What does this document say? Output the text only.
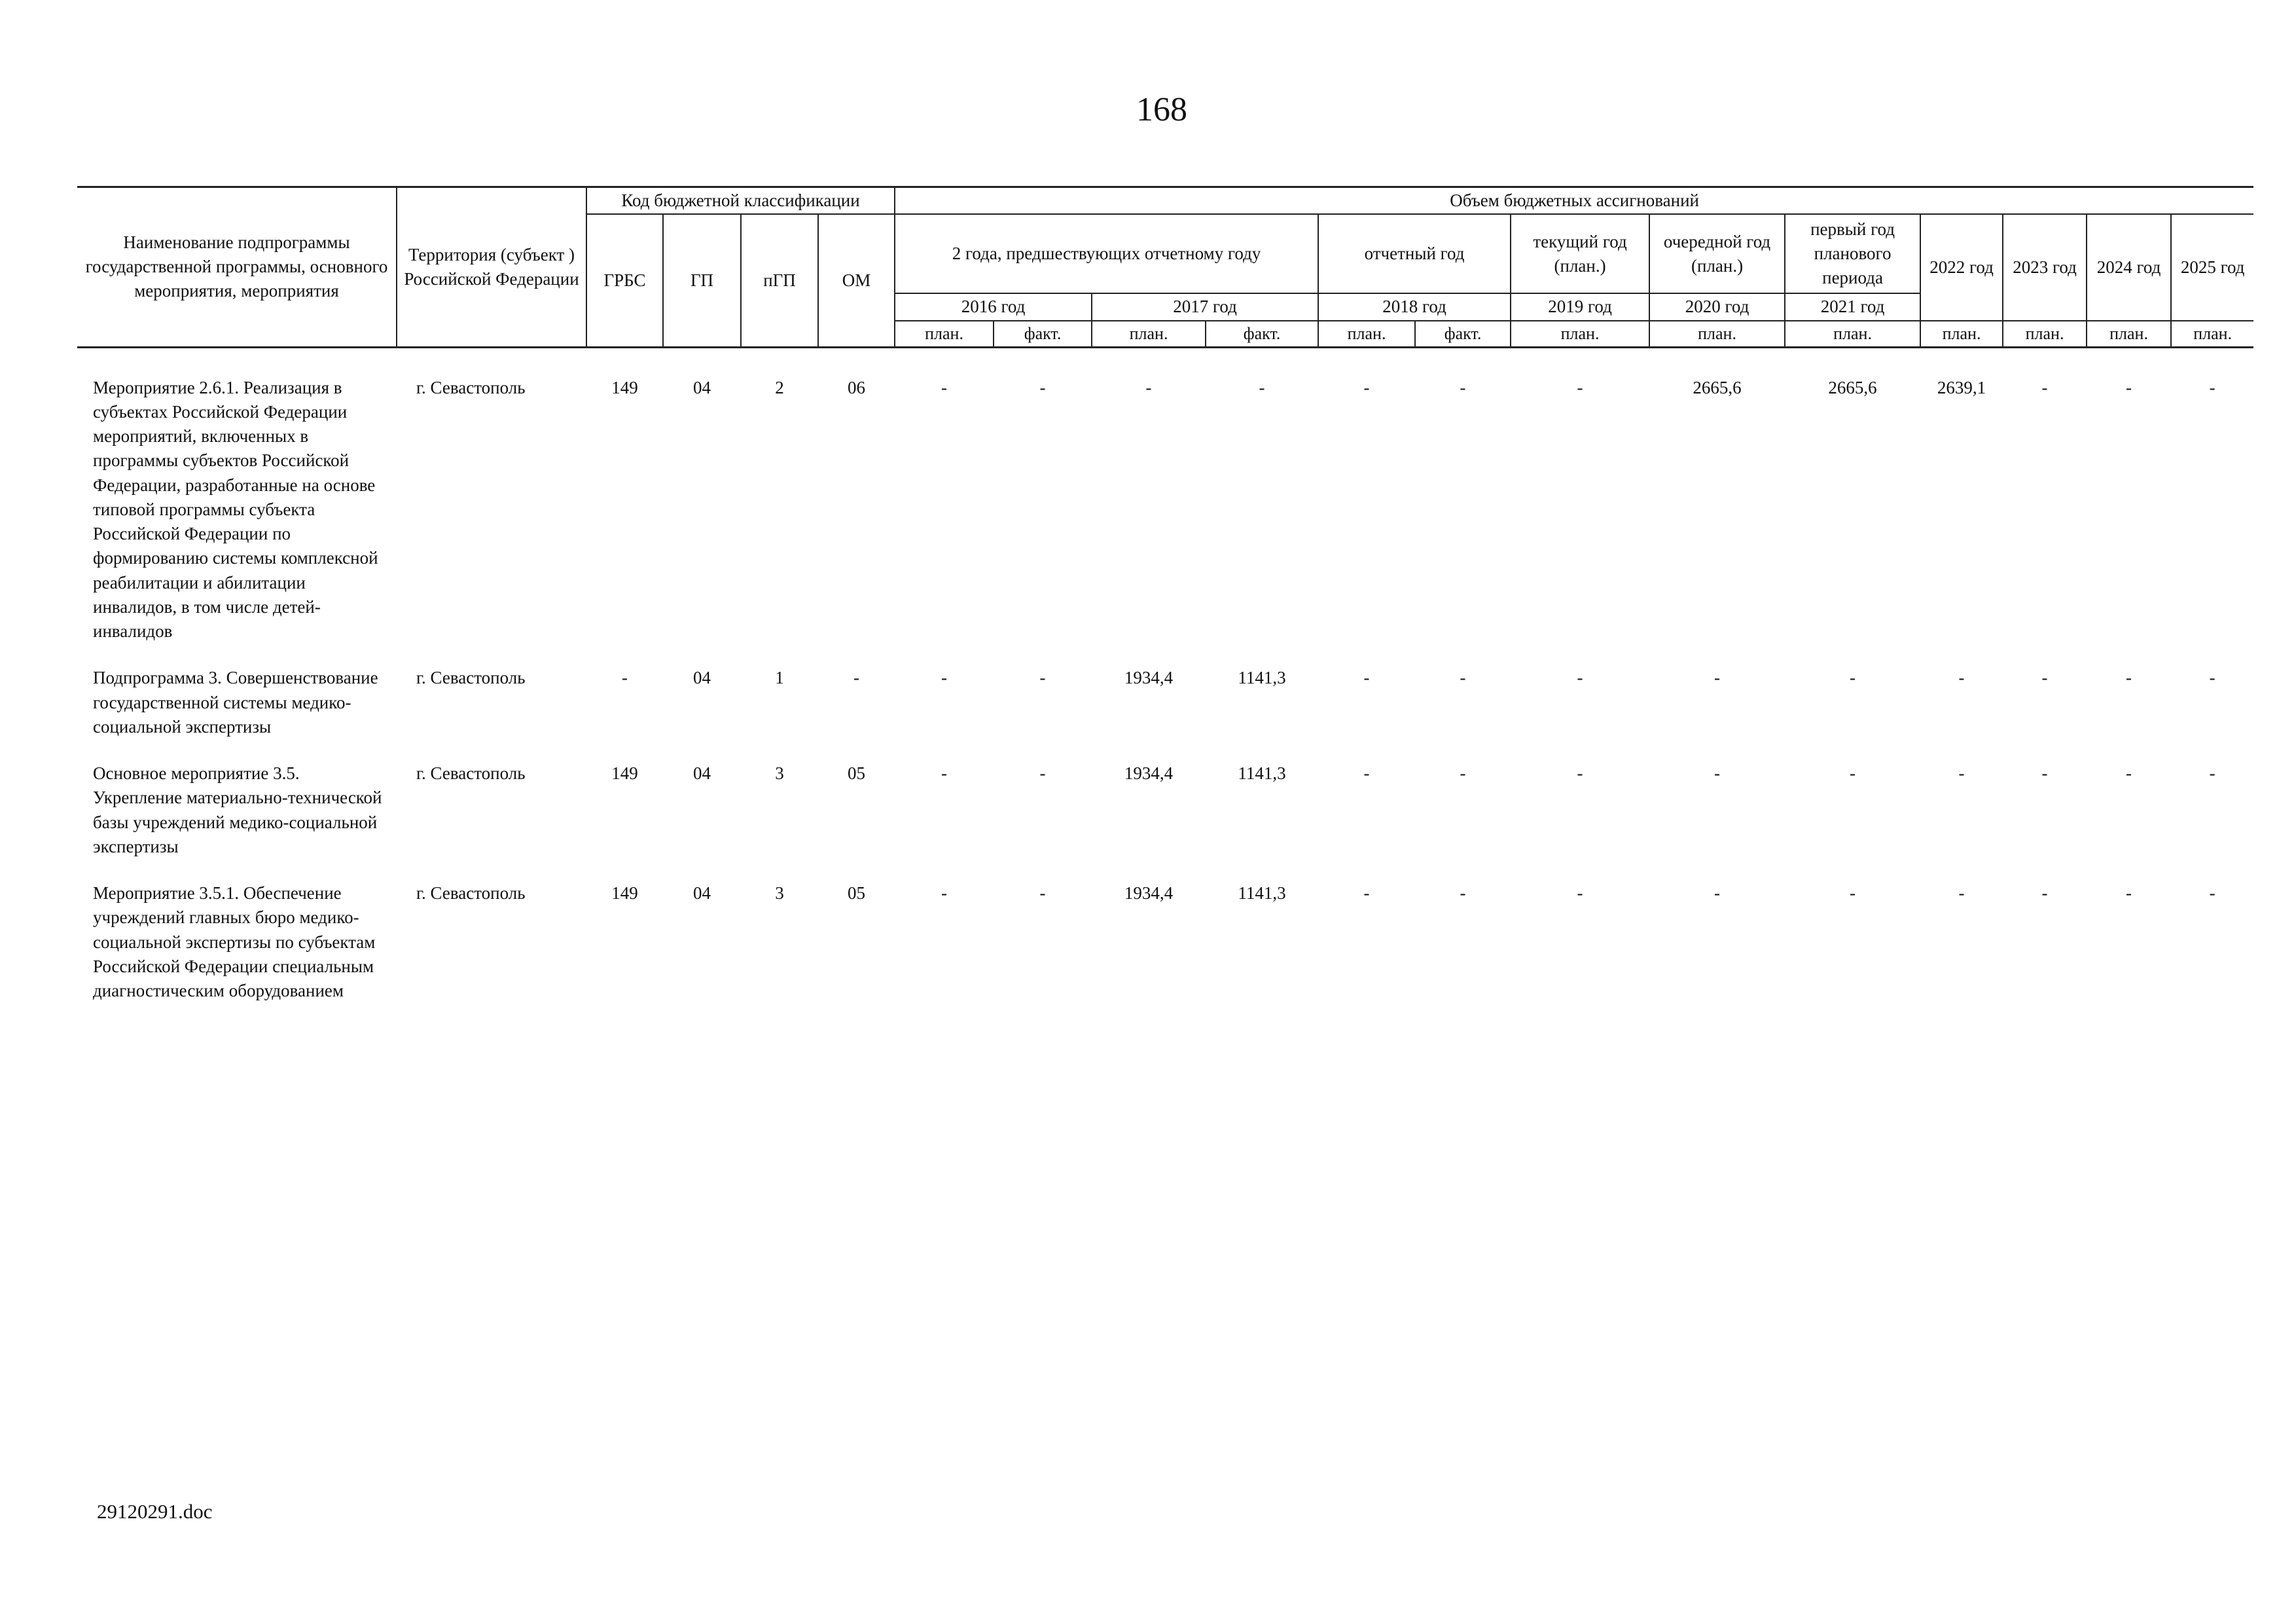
168
Наименование подпрограммы государственной программы, основного мероприятия, мероприятия	Территория (субъект ) Российской Федерации	Код бюджетной классификации				Объем бюджетных ассигнований												
		ГРБС	ГП	пГП	ОМ	2 года, предшествующих отчетному году				отчетный год		текущий год (план.)	очередной год (план.)	первый год планового периода	2022 год	2023 год	2024 год	2025 год
						2016 год		2017 год		2018 год		2019 год	2020 год	2021 год				
						план.	факт.	план.	факт.	план.	факт.	план.	план.	план.	план.	план.	план.	план.

Мероприятие 2.6.1. Реализация в субъектах Российской Федерации мероприятий, включенных в программы субъектов Российской Федерации, разработанные на основе типовой программы субъекта Российской Федерации по формированию системы комплексной реабилитации и абилитации инвалидов, в том числе детей-инвалидов	г. Севастополь	149	04	2	06	-	-	-	-	-	-	-	2665,6	2665,6	2639,1	-	-	-
Подпрограмма 3. Совершенствование государственной системы медико-социальной экспертизы	г. Севастополь	-	04	1	-	-	-	1934,4	1141,3	-	-	-	-	-	-	-	-	-
Основное мероприятие 3.5. Укрепление материально-технической базы учреждений медико-социальной экспертизы	г. Севастополь	149	04	3	05	-	-	1934,4	1141,3	-	-	-	-	-	-	-	-	-
Мероприятие 3.5.1. Обеспечение учреждений главных бюро медико-социальной экспертизы по субъектам Российской Федерации специальным диагностическим оборудованием	г. Севастополь	149	04	3	05	-	-	1934,4	1141,3	-	-	-	-	-	-	-	-	-
29120291.doc
